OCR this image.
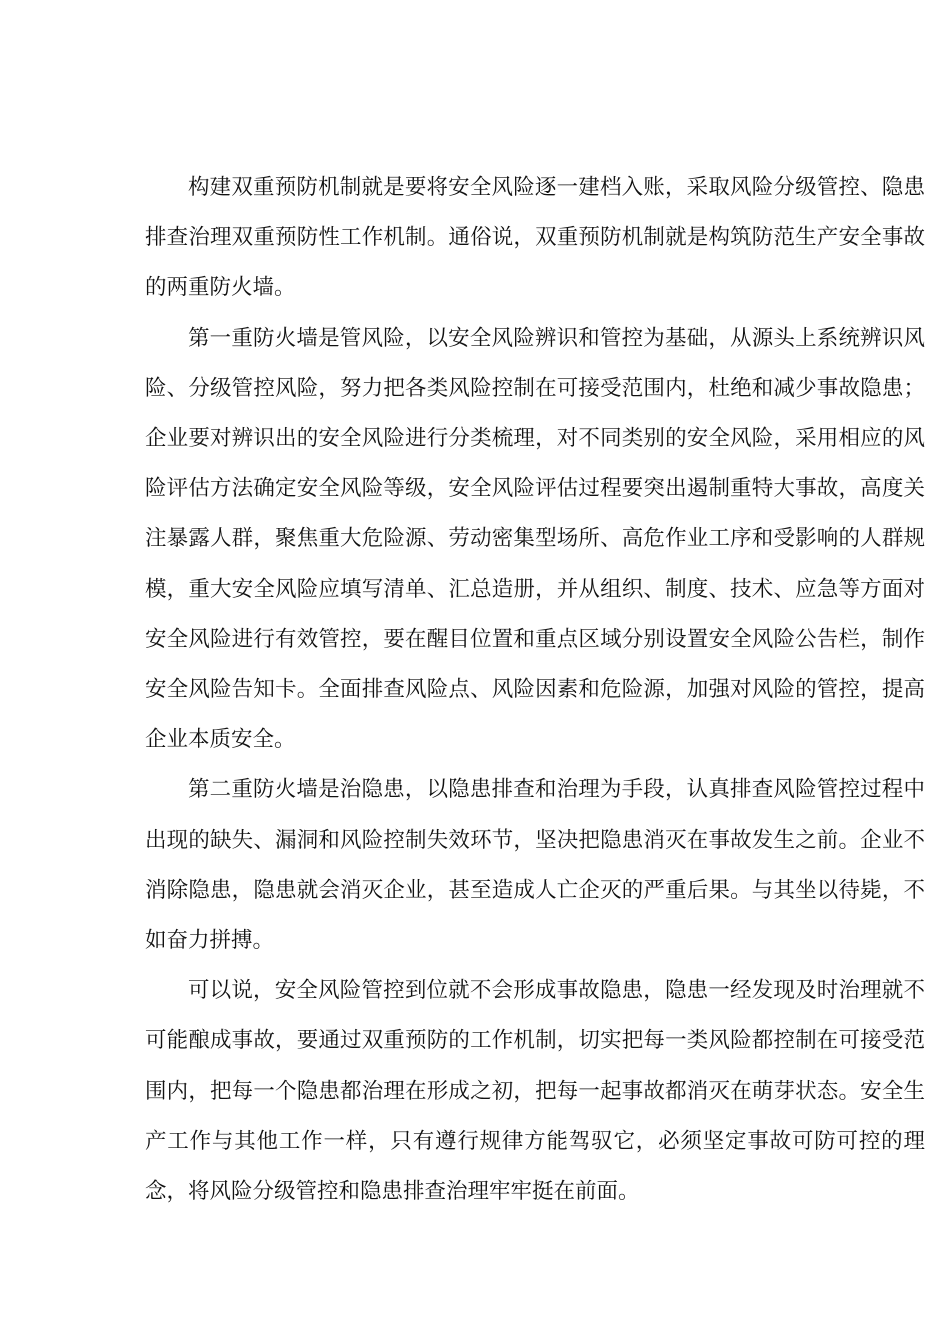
构建双重预防机制就是要将安全风险逐一建档入账，采取风险分级管控、隐患排查治理双重预防性工作机制。通俗说，双重预防机制就是构筑防范生产安全事故的两重防火墙。

第一重防火墙是管风险，以安全风险辨识和管控为基础，从源头上系统辨识风险、分级管控风险，努力把各类风险控制在可接受范围内，杜绝和减少事故隐患；企业要对辨识出的安全风险进行分类梳理，对不同类别的安全风险，采用相应的风险评估方法确定安全风险等级，安全风险评估过程要突出遏制重特大事故，高度关注暴露人群，聚焦重大危险源、劳动密集型场所、高危作业工序和受影响的人群规模，重大安全风险应填写清单、汇总造册，并从组织、制度、技术、应急等方面对安全风险进行有效管控，要在醒目位置和重点区域分别设置安全风险公告栏，制作安全风险告知卡。全面排查风险点、风险因素和危险源，加强对风险的管控，提高企业本质安全。

第二重防火墙是治隐患，以隐患排查和治理为手段，认真排查风险管控过程中出现的缺失、漏洞和风险控制失效环节，坚决把隐患消灭在事故发生之前。企业不消除隐患，隐患就会消灭企业，甚至造成人亡企灭的严重后果。与其坐以待毙，不如奋力拼搏。

可以说，安全风险管控到位就不会形成事故隐患，隐患一经发现及时治理就不可能酿成事故，要通过双重预防的工作机制，切实把每一类风险都控制在可接受范围内，把每一个隐患都治理在形成之初，把每一起事故都消灭在萌芽状态。安全生产工作与其他工作一样，只有遵行规律方能驾驭它，必须坚定事故可防可控的理念，将风险分级管控和隐患排查治理牢牢挺在前面。
